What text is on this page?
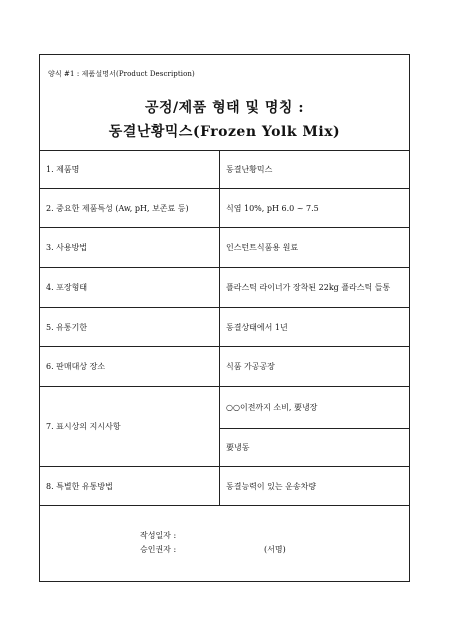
양식 #1 : 제품설명서(Product Description)
공정/제품 형태 및 명칭 :
동결난황믹스(Frozen Yolk Mix)
1. 제품명	동결난황믹스
2. 중요한 제품특성 (Aw, pH, 보존료 등)	식염 10%, pH 6.0 ~ 7.5
3. 사용방법	인스턴트식품용 원료
4. 포장형태	플라스틱 라이너가 장착된 22kg 플라스틱 들통
5. 유통기한	동결상태에서 1년
6. 판매대상 장소	식품 가공공장
7. 표시상의 지시사항
○○이전까지 소비, 要냉장
要냉동
8. 특별한 유통방법	동결능력이 있는 운송차량
작성일자 :
승인권자 :	(서명)
